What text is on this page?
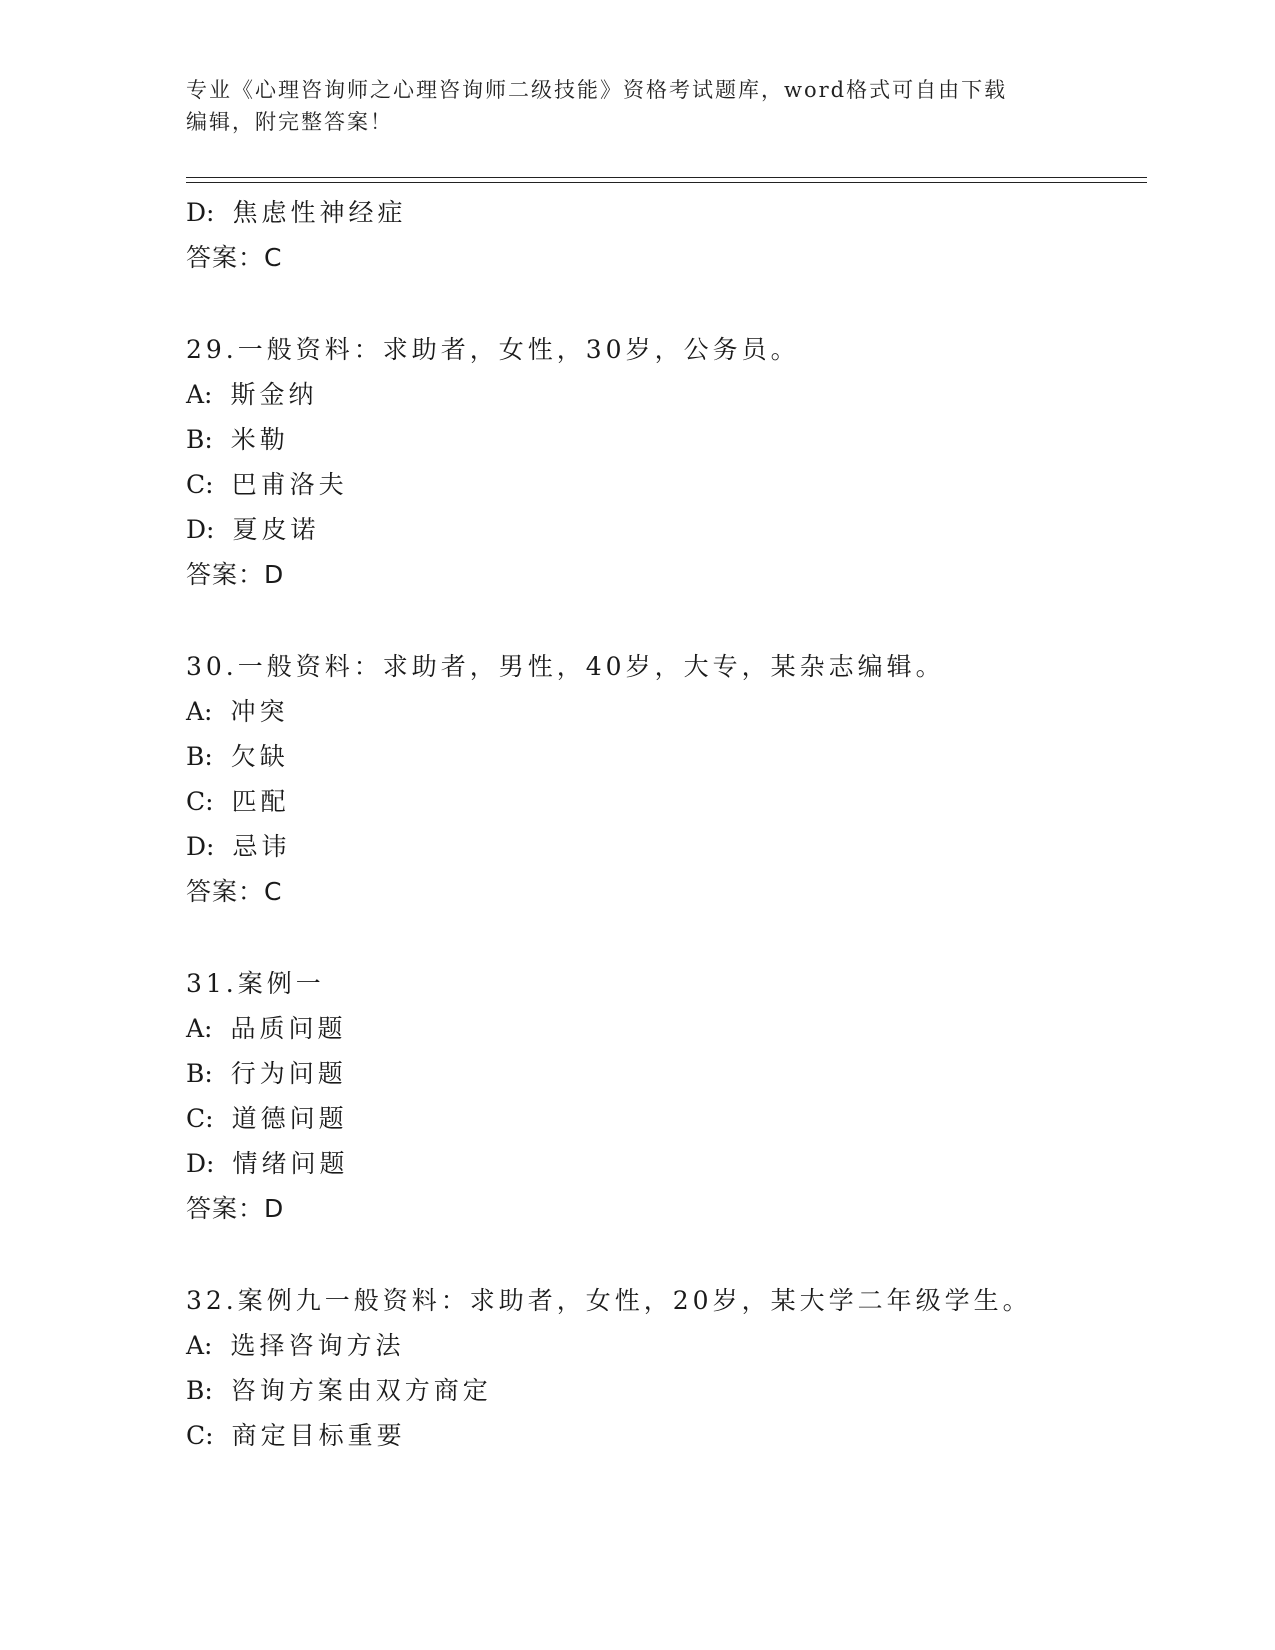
专业《心理咨询师之心理咨询师二级技能》资格考试题库，word格式可自由下载
编辑，附完整答案！
D: 焦虑性神经症
答案：C
29.一般资料：求助者，女性，30岁，公务员。
A: 斯金纳
B: 米勒
C: 巴甫洛夫
D: 夏皮诺
答案：D
30.一般资料：求助者，男性，40岁，大专，某杂志编辑。
A: 冲突
B: 欠缺
C: 匹配
D: 忌讳
答案：C
31.案例一
A: 品质问题
B: 行为问题
C: 道德问题
D: 情绪问题
答案：D
32.案例九一般资料：求助者，女性，20岁，某大学二年级学生。
A: 选择咨询方法
B: 咨询方案由双方商定
C: 商定目标重要
